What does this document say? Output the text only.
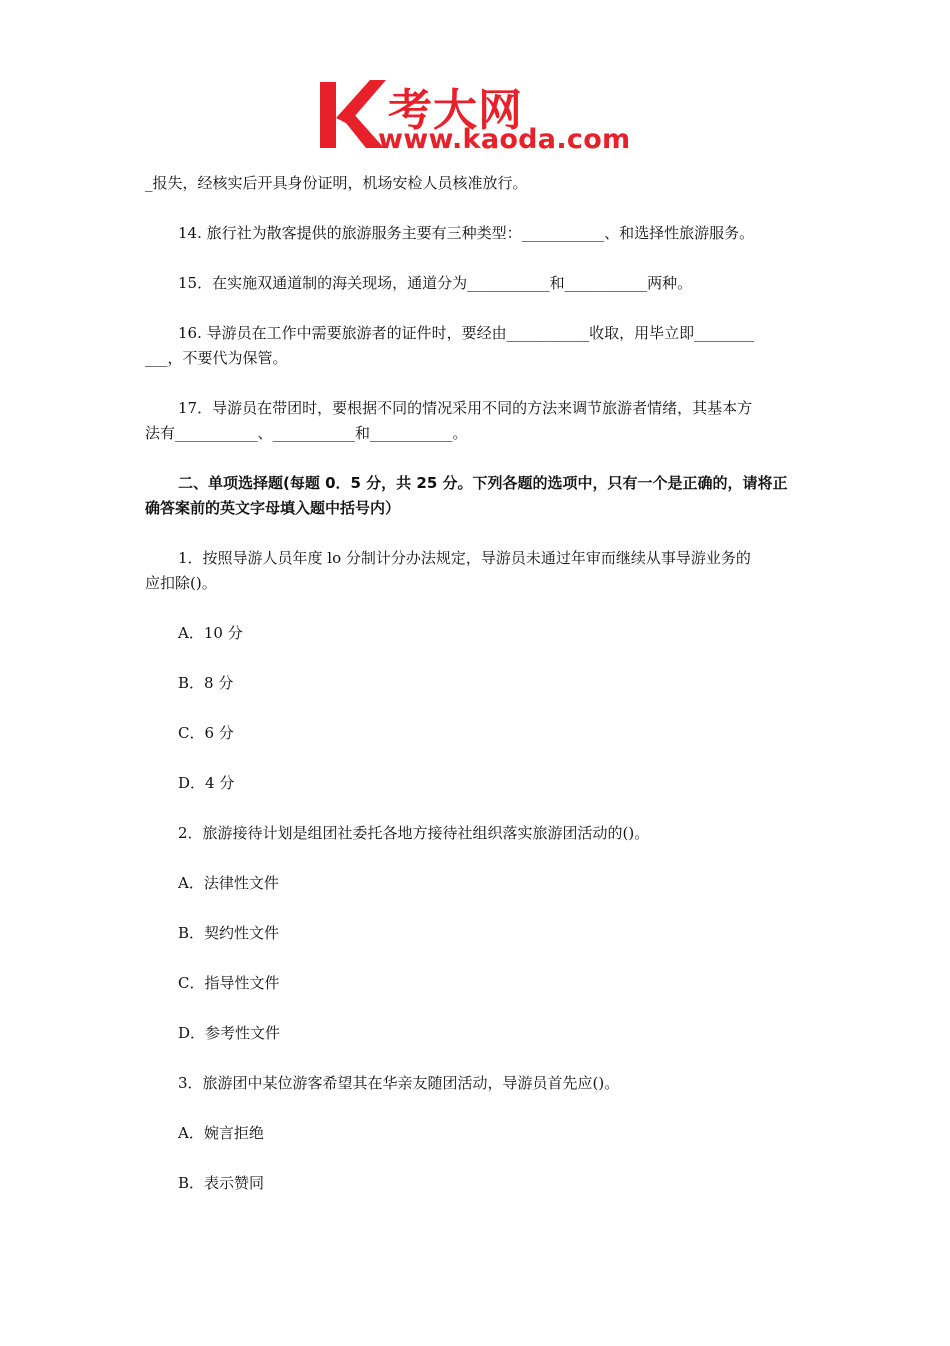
考大网
www.kaoda.com
_报失，经核实后开具身份证明，机场安检人员核准放行。
14. 旅行社为散客提供的旅游服务主要有三种类型：___________、和选择性旅游服务。
15．在实施双通道制的海关现场，通道分为___________和___________两种。
16. 导游员在工作中需要旅游者的证件时，要经由___________收取，用毕立即________
___，不要代为保管。
17．导游员在带团时，要根据不同的情况采用不同的方法来调节旅游者情绪，其基本方
法有___________、___________和___________。
二、单项选择题(每题 0．5 分，共 25 分。下列各题的选项中，只有一个是正确的，请将正
确答案前的英文字母填入题中括号内）
1．按照导游人员年度 lo 分制计分办法规定，导游员未通过年审而继续从事导游业务的
应扣除()。
A．10 分
B．8 分
C．6 分
D．4 分
2．旅游接待计划是组团社委托各地方接待社组织落实旅游团活动的()。
A．法律性文件
B．契约性文件
C．指导性文件
D．参考性文件
3．旅游团中某位游客希望其在华亲友随团活动，导游员首先应()。
A．婉言拒绝
B．表示赞同
